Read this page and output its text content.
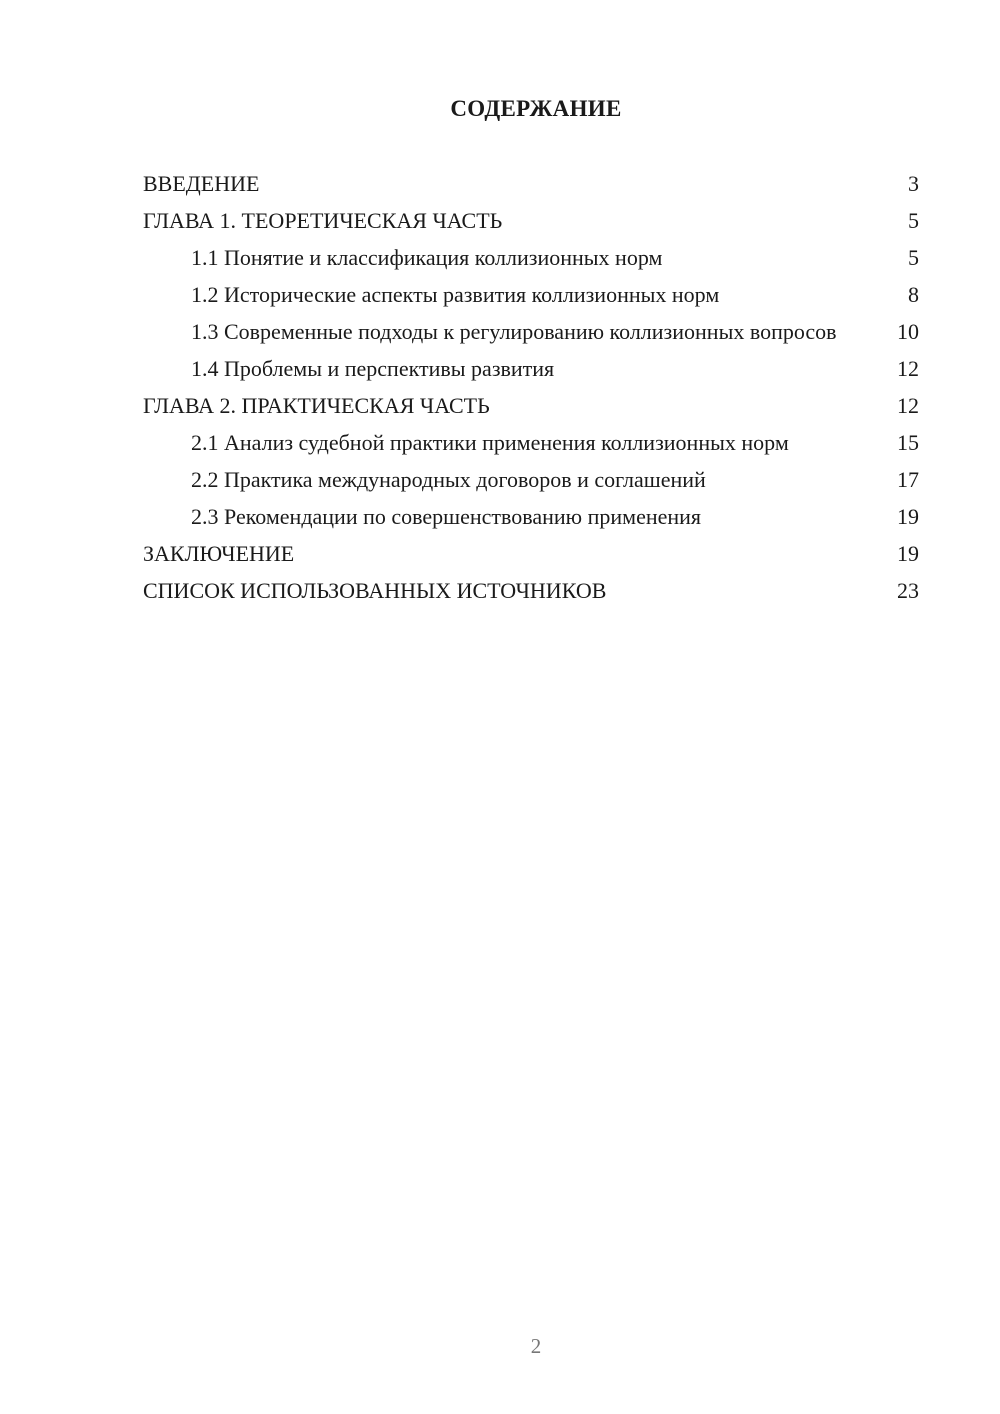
СОДЕРЖАНИЕ
ВВЕДЕНИЕ	3
ГЛАВА 1. ТЕОРЕТИЧЕСКАЯ ЧАСТЬ	5
1.1 Понятие и классификация коллизионных норм	5
1.2 Исторические аспекты развития коллизионных норм	8
1.3 Современные подходы к регулированию коллизионных вопросов	10
1.4 Проблемы и перспективы развития	12
ГЛАВА 2. ПРАКТИЧЕСКАЯ ЧАСТЬ	12
2.1 Анализ судебной практики применения коллизионных норм	15
2.2 Практика международных договоров и соглашений	17
2.3 Рекомендации по совершенствованию применения	19
ЗАКЛЮЧЕНИЕ	19
СПИСОК ИСПОЛЬЗОВАННЫХ ИСТОЧНИКОВ	23
2
